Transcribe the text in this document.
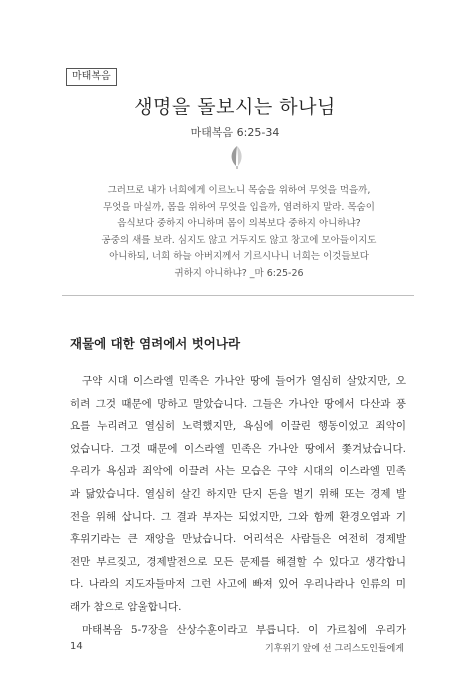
마태복음
생명을 돌보시는 하나님
마태복음 6:25-34
그러므로 내가 너희에게 이르노니 목숨을 위하여 무엇을 먹을까,
무엇을 마실까, 몸을 위하여 무엇을 입을까, 염려하지 말라. 목숨이
음식보다 중하지 아니하며 몸이 의복보다 중하지 아니하냐?
공중의 새를 보라. 심지도 않고 거두지도 않고 창고에 모아들이지도
아니하되, 너희 하늘 아버지께서 기르시나니 너희는 이것들보다
귀하지 아니하냐? _마 6:25-26
재물에 대한 염려에서 벗어나라
구약 시대 이스라엘 민족은 가나안 땅에 들어가 열심히 살았지만, 오
히려 그것 때문에 망하고 말았습니다. 그들은 가나안 땅에서 다산과 풍
요를 누리려고 열심히 노력했지만, 욕심에 이끌린 행동이었고 죄악이
었습니다. 그것 때문에 이스라엘 민족은 가나안 땅에서 쫓겨났습니다.
우리가 욕심과 죄악에 이끌려 사는 모습은 구약 시대의 이스라엘 민족
과 닮았습니다. 열심히 살긴 하지만 단지 돈을 벌기 위해 또는 경제 발
전을 위해 삽니다. 그 결과 부자는 되었지만, 그와 함께 환경오염과 기
후위기라는 큰 재앙을 만났습니다. 어리석은 사람들은 여전히 경제발
전만 부르짖고, 경제발전으로 모든 문제를 해결할 수 있다고 생각합니
다. 나라의 지도자들마저 그런 사고에 빠져 있어 우리나라나 인류의 미
래가 참으로 암울합니다.
마태복음 5-7장을 산상수훈이라고 부릅니다. 이 가르침에 우리가
14	기후위기 앞에 선 그리스도인들에게
